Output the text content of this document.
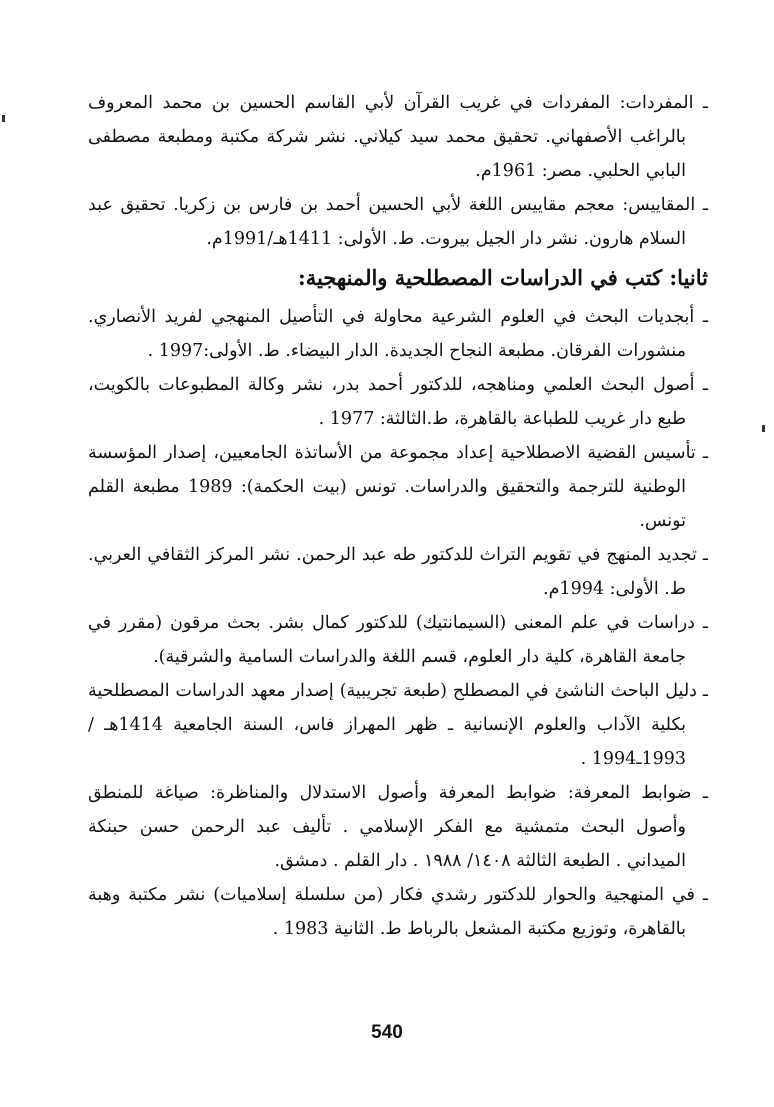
ـ المفردات: المفردات في غريب القرآن لأبي القاسم الحسين بن محمد المعروف بالراغب الأصفهاني. تحقيق محمد سيد كيلاني. نشر شركة مكتبة ومطبعة مصطفى البابي الحلبي. مصر: 1961م.

ـ المقاييس: معجم مقاييس اللغة لأبي الحسين أحمد بن فارس بن زكريا. تحقيق عبد السلام هارون. نشر دار الجيل بيروت. ط. الأولى: 1411هـ/1991م.

ثانيا: كتب في الدراسات المصطلحية والمنهجية:

ـ أبجديات البحث في العلوم الشرعية محاولة في التأصيل المنهجي لفريد الأنصاري. منشورات الفرقان. مطبعة النجاح الجديدة. الدار البيضاء. ط. الأولى:1997 .

ـ أصول البحث العلمي ومناهجه، للدكتور أحمد بدر، نشر وكالة المطبوعات بالكويت، طبع دار غريب للطباعة بالقاهرة، ط.الثالثة: 1977 .

ـ تأسيس القضية الاصطلاحية إعداد مجموعة من الأساتذة الجامعيين، إصدار المؤسسة الوطنية للترجمة والتحقيق والدراسات. تونس (بيت الحكمة): 1989 مطبعة القلم تونس.

ـ تجديد المنهج في تقويم التراث للدكتور طه عبد الرحمن. نشر المركز الثقافي العربي. ط. الأولى: 1994م.

ـ دراسات في علم المعنى (السيمانتيك) للدكتور كمال بشر. بحث مرقون (مقرر في جامعة القاهرة، كلية دار العلوم، قسم اللغة والدراسات السامية والشرقية).

ـ دليل الباحث الناشئ في المصطلح (طبعة تجريبية) إصدار معهد الدراسات المصطلحية بكلية الآداب والعلوم الإنسانية ـ ظهر المهراز فاس، السنة الجامعية 1414هـ / 1993ـ1994 .

ـ ضوابط المعرفة: ضوابط المعرفة وأصول الاستدلال والمناظرة: صياغة للمنطق وأصول البحث متمشية مع الفكر الإسلامي . تأليف عبد الرحمن حسن حبنكة الميداني . الطبعة الثالثة ١٤٠٨/ ١٩٨٨ . دار القلم . دمشق.

ـ في المنهجية والحوار للدكتور رشدي فكار (من سلسلة إسلاميات) نشر مكتبة وهبة بالقاهرة، وتوزيع مكتبة المشعل بالرباط ط. الثانية 1983 .

540
